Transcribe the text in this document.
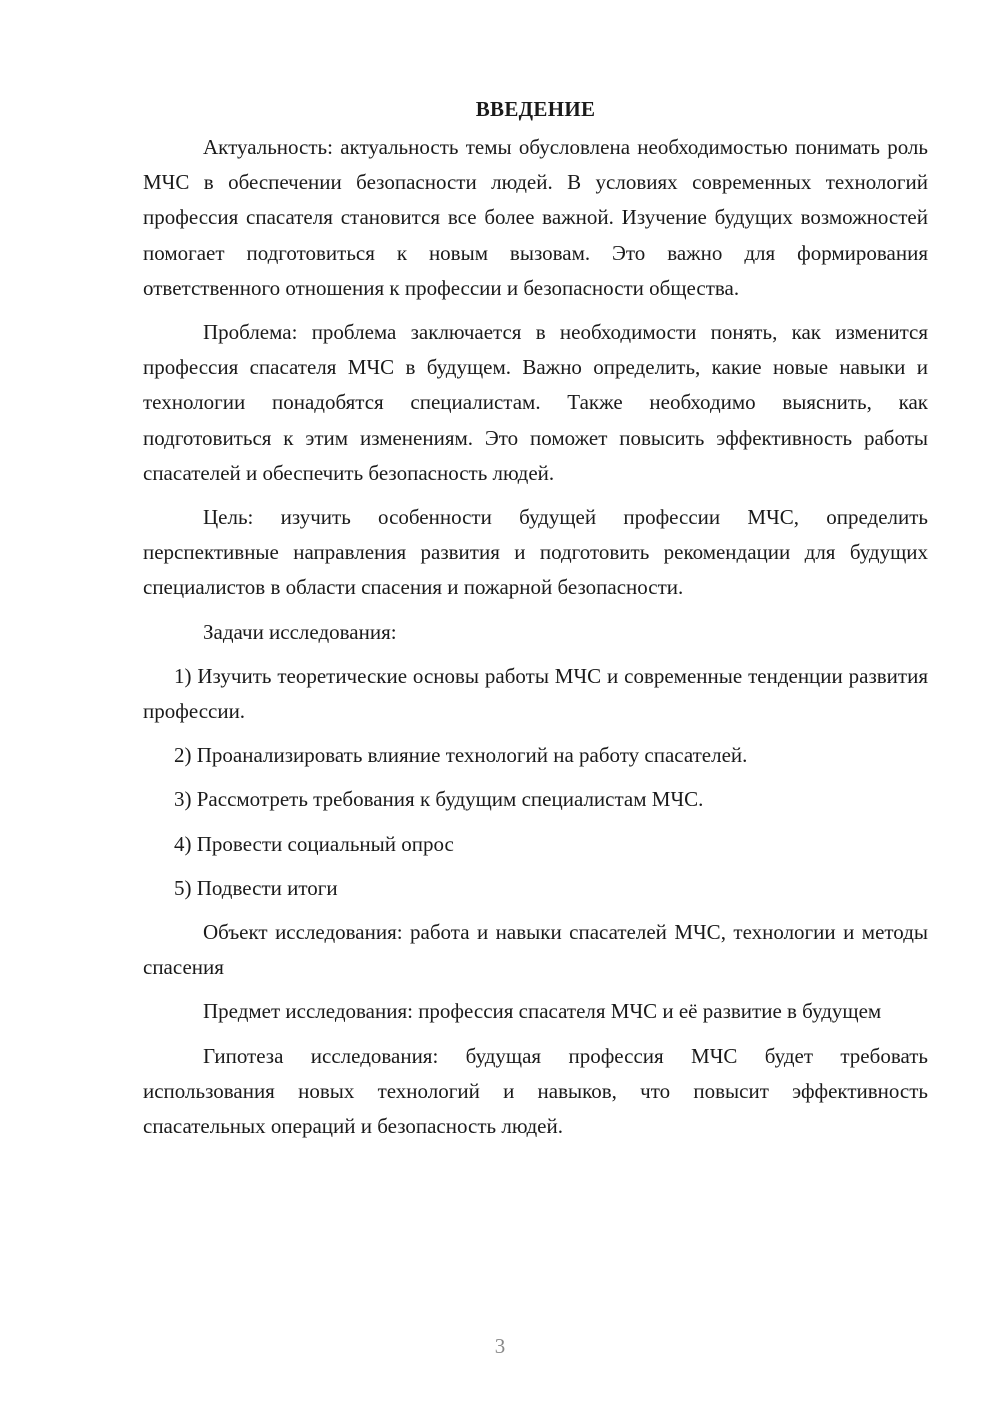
ВВЕДЕНИЕ

Актуальность: актуальность темы обусловлена необходимостью понимать роль МЧС в обеспечении безопасности людей. В условиях современных технологий профессия спасателя становится все более важной. Изучение будущих возможностей помогает подготовиться к новым вызовам. Это важно для формирования ответственного отношения к профессии и безопасности общества.

Проблема: проблема заключается в необходимости понять, как изменится профессия спасателя МЧС в будущем. Важно определить, какие новые навыки и технологии понадобятся специалистам. Также необходимо выяснить, как подготовиться к этим изменениям. Это поможет повысить эффективность работы спасателей и обеспечить безопасность людей.

Цель: изучить особенности будущей профессии МЧС, определить перспективные направления развития и подготовить рекомендации для будущих специалистов в области спасения и пожарной безопасности.

Задачи исследования:

1) Изучить теоретические основы работы МЧС и современные тенденции развития профессии.

2) Проанализировать влияние технологий на работу спасателей.

3) Рассмотреть требования к будущим специалистам МЧС.

4) Провести социальный опрос

5) Подвести итоги

Объект исследования: работа и навыки спасателей МЧС, технологии и методы спасения

Предмет исследования: профессия спасателя МЧС и её развитие в будущем

Гипотеза исследования: будущая профессия МЧС будет требовать использования новых технологий и навыков, что повысит эффективность спасательных операций и безопасность людей.

3
